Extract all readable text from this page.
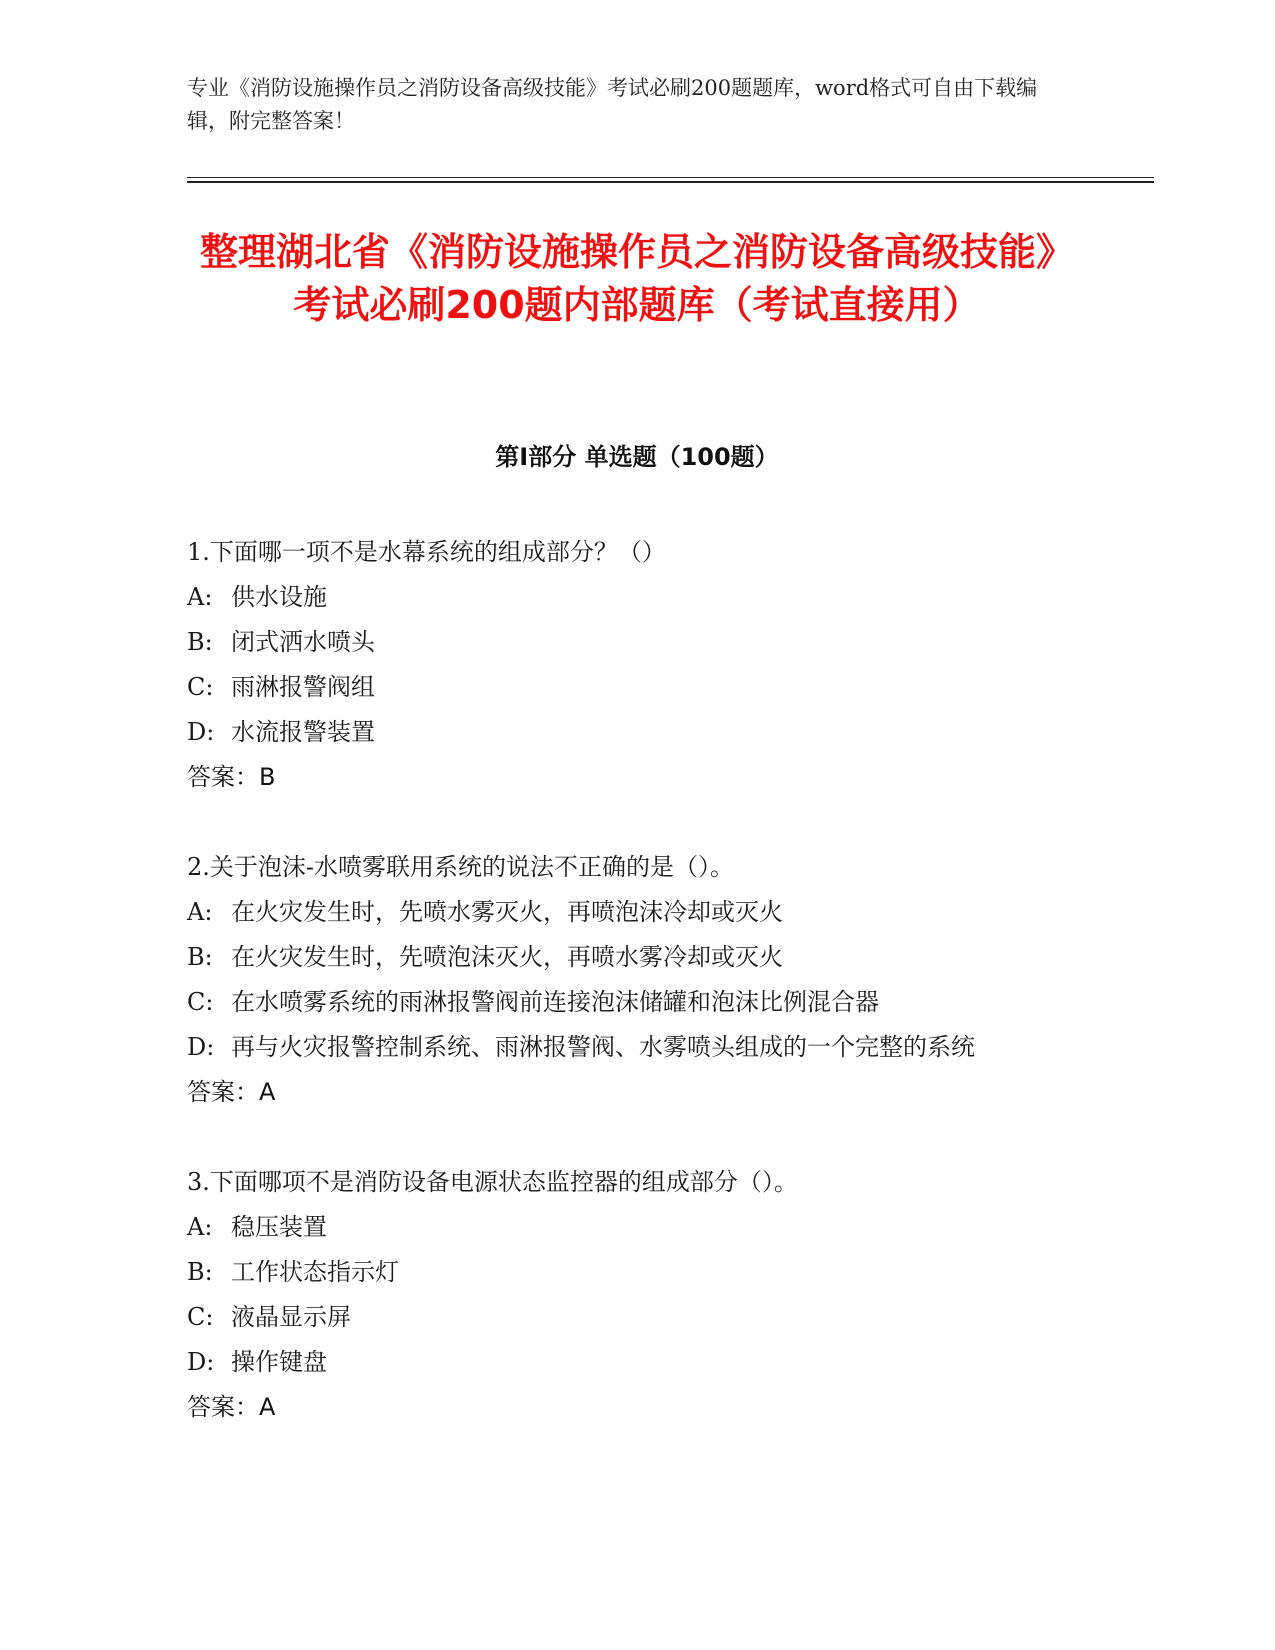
专业《消防设施操作员之消防设备高级技能》考试必刷200题题库，word格式可自由下载编辑，附完整答案！
整理湖北省《消防设施操作员之消防设备高级技能》考试必刷200题内部题库（考试直接用）
第Ⅰ部分 单选题（100题）
1.下面哪一项不是水幕系统的组成部分？（）
A: 供水设施
B: 闭式洒水喷头
C: 雨淋报警阀组
D: 水流报警装置
答案：B
2.关于泡沫-水喷雾联用系统的说法不正确的是（）。
A: 在火灾发生时，先喷水雾灭火，再喷泡沫冷却或灭火
B: 在火灾发生时，先喷泡沫灭火，再喷水雾冷却或灭火
C: 在水喷雾系统的雨淋报警阀前连接泡沫储罐和泡沫比例混合器
D: 再与火灾报警控制系统、雨淋报警阀、水雾喷头组成的一个完整的系统
答案：A
3.下面哪项不是消防设备电源状态监控器的组成部分（）。
A: 稳压装置
B: 工作状态指示灯
C: 液晶显示屏
D: 操作键盘
答案：A
